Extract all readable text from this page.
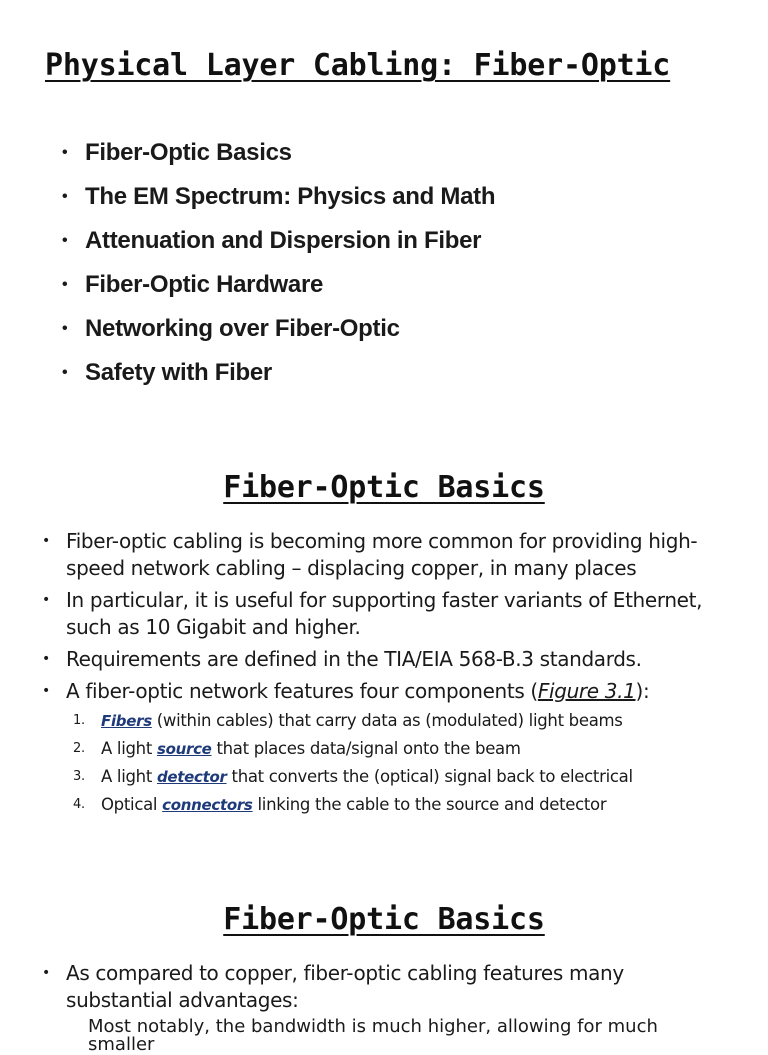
Physical Layer Cabling: Fiber-Optic
• Fiber-Optic Basics
• The EM Spectrum: Physics and Math
• Attenuation and Dispersion in Fiber
• Fiber-Optic Hardware
• Networking over Fiber-Optic
• Safety with Fiber
Fiber-Optic Basics
• Fiber-optic cabling is becoming more common for providing high-speed network cabling – displacing copper, in many places
• In particular, it is useful for supporting faster variants of Ethernet, such as 10 Gigabit and higher.
• Requirements are defined in the TIA/EIA 568-B.3 standards.
• A fiber-optic network features four components (Figure 3.1):
1. Fibers (within cables) that carry data as (modulated) light beams
2. A light source that places data/signal onto the beam
3. A light detector that converts the (optical) signal back to electrical
4. Optical connectors linking the cable to the source and detector
Fiber-Optic Basics
• As compared to copper, fiber-optic cabling features many substantial advantages:
Most notably, the bandwidth is much higher, allowing for much smaller
